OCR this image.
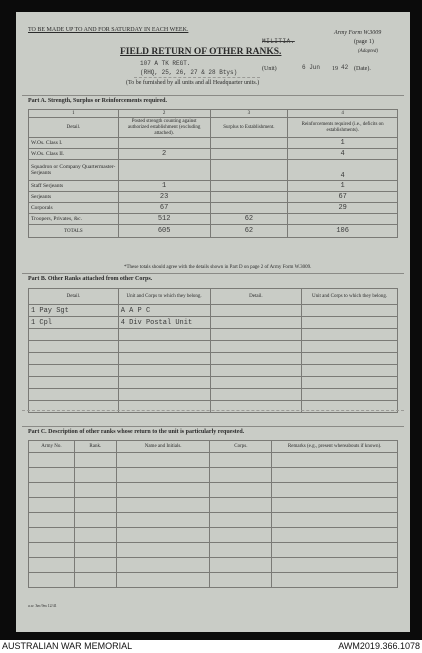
TO BE MADE UP TO AND FOR SATURDAY IN EACH WEEK.
MILITIA.
Army Form W.3009
(page 1)
(Adapted)
FIELD RETURN OF OTHER RANKS.
107 A TK REGT.
(RHQ, 25, 26, 27 & 28 Btys)	(Unit)	6 Jun 19 42 (Date).
(To be furnished by all units and all Headquarter units.)
Part A. Strength, Surplus or Reinforcements required.
1	2	3	4
Detail.	Posted strength counting against authorized establishment (excluding attached).	Surplus to Establishment.	Reinforcements required (i.e., deficits on establishments).
W.Os. Class I.			1
W.Os. Class II.	2		4
Squadron or Company Quartermaster-Serjeants			4
Staff Serjeants	1		1
Serjeants	23		67
Corporals	67		29
Troopers, Privates, &c.	512	62	
TOTALS	605	62	106
*These totals should agree with the details shown in Part D on page 2 of Army Form W.3009.
Part B. Other Ranks attached from other Corps.
Detail.	Unit and Corps to which they belong.	Detail.	Unit and Corps to which they belong.
1 Pay Sgt	A A P C		
1 Cpl	4 Div Postal Unit		

Part C. Description of other ranks whose return to the unit is particularly requested.
Army No.	Rank.	Name and Initials.	Corps.	Remarks (e.g., present whereabouts if known).

a.w. 3m 9m 12/41
AUSTRALIAN WAR MEMORIAL	AWM2019.366.1078
